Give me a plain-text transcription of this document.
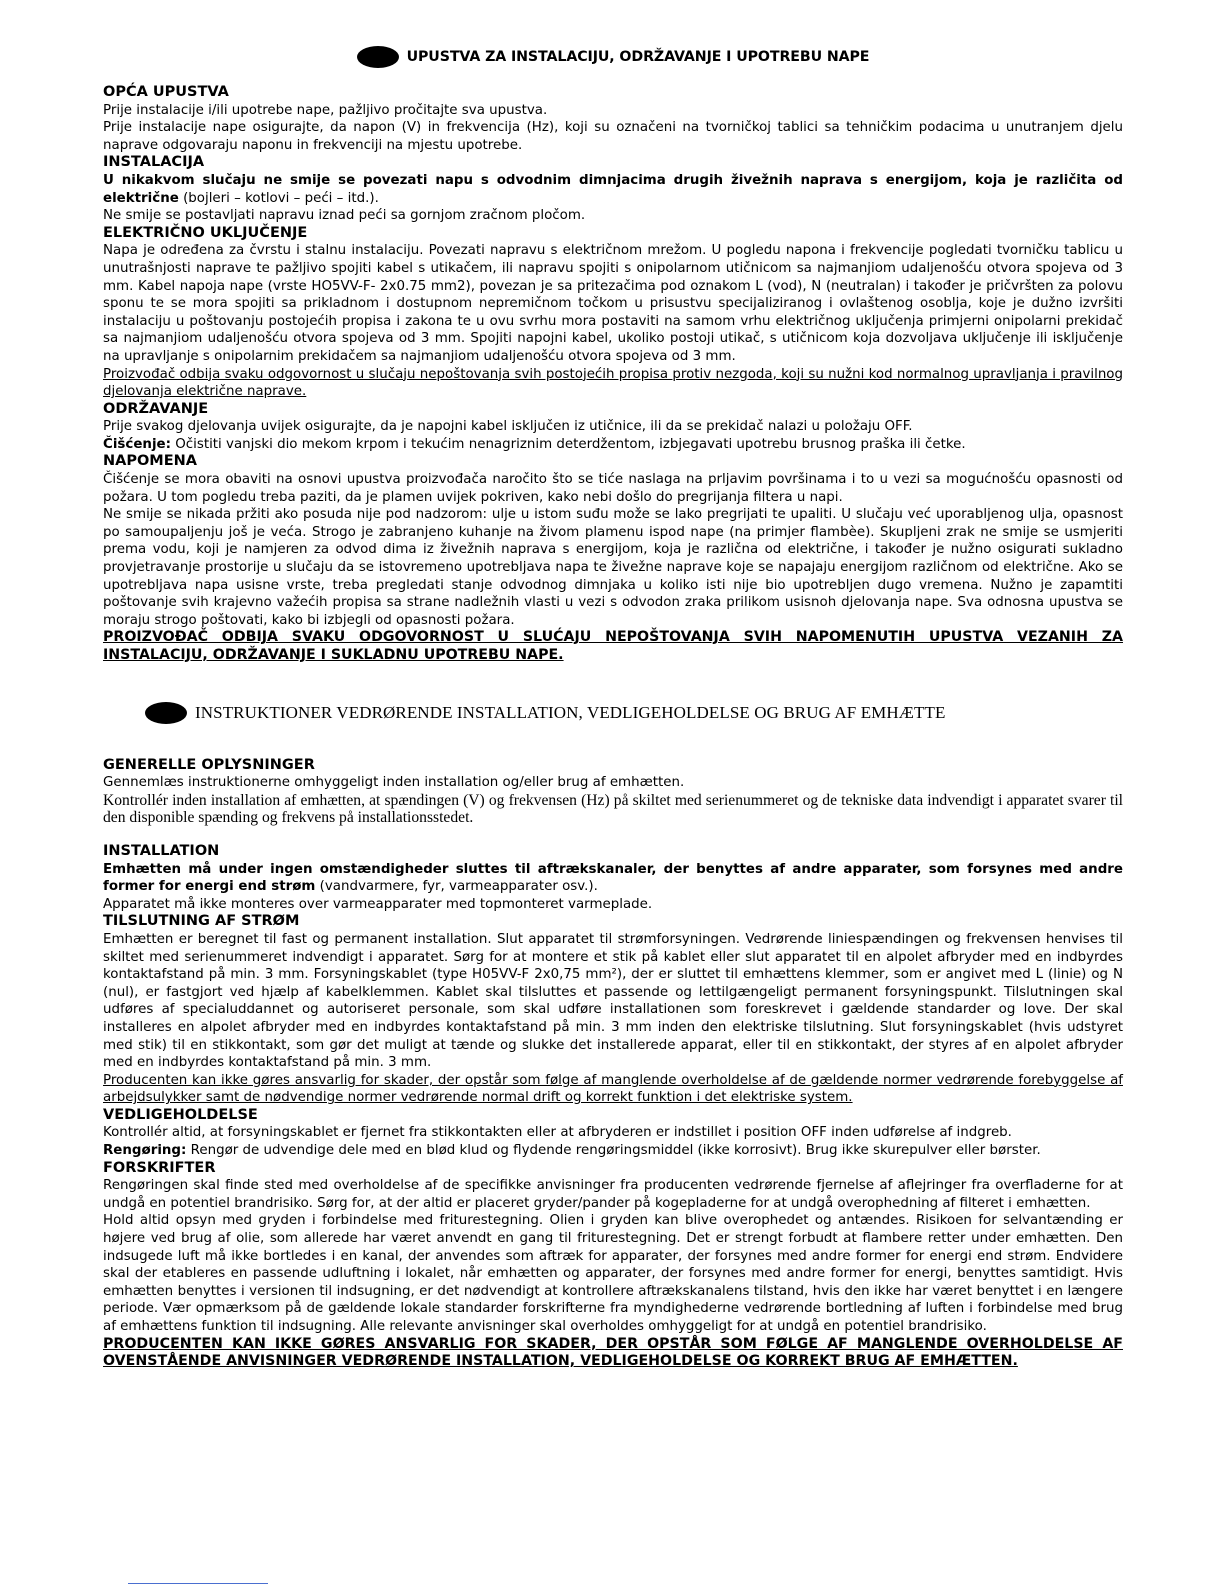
UPUSTVA ZA INSTALACIJU, ODRŽAVANJE I UPOTREBU NAPE
OPĆA UPUSTVA

Prije instalacije i/ili upotrebe nape, pažljivo pročitajte sva upustva.

Prije instalacije nape osigurajte, da napon (V) in frekvencija (Hz), koji su označeni na tvorničkoj tablici sa tehničkim podacima u unutranjem djelu naprave odgovaraju naponu in frekvenciji na mjestu upotrebe.

INSTALACIJA

U nikakvom slučaju ne smije se povezati napu s odvodnim dimnjacima drugih živežnih naprava s energijom, koja je različita od električne (bojleri – kotlovi – peći – itd.).

Ne smije se postavljati napravu iznad peći sa gornjom zračnom pločom.

ELEKTRIČNO UKLJUČENJE

Napa je određena za čvrstu i stalnu instalaciju. Povezati napravu s električnom mrežom. U pogledu napona i frekvencije pogledati tvorničku tablicu u unutrašnjosti naprave te pažljivo spojiti kabel s utikačem, ili napravu spojiti s onipolarnom utičnicom sa najmanjiom udaljenošću otvora spojeva od 3 mm. Kabel napoja nape (vrste HO5VV-F- 2x0.75 mm2), povezan je sa pritezačima pod oznakom L (vod), N (neutralan) i također je pričvršten za polovu sponu te se mora spojiti sa prikladnom i dostupnom nepremičnom točkom u prisustvu specijaliziranog i ovlaštenog osoblja, koje je dužno izvršiti instalaciju u poštovanju postojećih propisa i zakona te u ovu svrhu mora postaviti na samom vrhu električnog uključenja primjerni onipolarni prekidač sa najmanjiom udaljenošću otvora spojeva od 3 mm. Spojiti napojni kabel, ukoliko postoji utikač, s utičnicom koja dozvoljava uključenje ili isključenje na upravljanje s onipolarnim prekidačem sa najmanjiom udaljenošću otvora spojeva od 3 mm.

Proizvođač odbija svaku odgovornost u slučaju nepoštovanja svih postojećih propisa protiv nezgoda, koji su nužni kod normalnog upravljanja i pravilnog djelovanja električne naprave.

ODRŽAVANJE

Prije svakog djelovanja uvijek osigurajte, da je napojni kabel isključen iz utičnice, ili da se prekidač nalazi u položaju OFF.

Čišćenje: Očistiti vanjski dio mekom krpom i tekućim nenagriznim deterdžentom, izbjegavati upotrebu brusnog praška ili četke.

NAPOMENA

Čišćenje se mora obaviti na osnovi upustva proizvođača naročito što se tiće naslaga na prljavim površinama i to u vezi sa mogućnošću opasnosti od požara. U tom pogledu treba paziti, da je plamen uvijek pokriven, kako nebi došlo do pregrijanja filtera u napi.

Ne smije se nikada pržiti ako posuda nije pod nadzorom: ulje u istom suđu može se lako pregrijati te upaliti. U slučaju već uporabljenog ulja, opasnost po samoupaljenju još je veća. Strogo je zabranjeno kuhanje na živom plamenu ispod nape (na primjer flambèe). Skupljeni zrak ne smije se usmjeriti prema vodu, koji je namjeren za odvod dima iz živežnih naprava s energijom, koja je različna od električne, i također je nužno osigurati sukladno provjetravanje prostorije u slučaju da se istovremeno upotrebljava napa te živežne naprave koje se napajaju energijom različnom od električne. Ako se upotrebljava napa usisne vrste, treba pregledati stanje odvodnog dimnjaka u koliko isti nije bio upotrebljen dugo vremena. Nužno je zapamtiti poštovanje svih krajevno važećih propisa sa strane nadležnih vlasti u vezi s odvodon zraka prilikom usisnoh djelovanja nape. Sva odnosna upustva se moraju strogo poštovati, kako bi izbjegli od opasnosti požara.

PROIZVOĐAČ ODBIJA SVAKU ODGOVORNOST U SLUĆAJU NEPOŠTOVANJA SVIH NAPOMENUTIH UPUSTVA VEZANIH ZA INSTALACIJU, ODRŽAVANJE I SUKLADNU UPOTREBU NAPE.

INSTRUKTIONER VEDRØRENDE INSTALLATION, VEDLIGEHOLDELSE OG BRUG AF EMHÆTTE
GENERELLE OPLYSNINGER

Gennemlæs instruktionerne omhyggeligt inden installation og/eller brug af emhætten.

Kontrollér inden installation af emhætten, at spændingen (V) og frekvensen (Hz) på skiltet med serienummeret og de tekniske data indvendigt i apparatet svarer til den disponible spænding og frekvens på installationsstedet.

INSTALLATION

Emhætten må under ingen omstændigheder sluttes til aftrækskanaler, der benyttes af andre apparater, som forsynes med andre former for energi end strøm (vandvarmere, fyr, varmeapparater osv.).

Apparatet må ikke monteres over varmeapparater med topmonteret varmeplade.

TILSLUTNING AF STRØM

Emhætten er beregnet til fast og permanent installation. Slut apparatet til strømforsyningen. Vedrørende liniespændingen og frekvensen henvises til skiltet med serienummeret indvendigt i apparatet. Sørg for at montere et stik på kablet eller slut apparatet til en alpolet afbryder med en indbyrdes kontaktafstand på min. 3 mm. Forsyningskablet (type H05VV-F 2x0,75 mm²), der er sluttet til emhættens klemmer, som er angivet med L (linie) og N (nul), er fastgjort ved hjælp af kabelklemmen. Kablet skal tilsluttes et passende og lettilgængeligt permanent forsyningspunkt. Tilslutningen skal udføres af specialuddannet og autoriseret personale, som skal udføre installationen som foreskrevet i gældende standarder og love. Der skal installeres en alpolet afbryder med en indbyrdes kontaktafstand på min. 3 mm inden den elektriske tilslutning. Slut forsyningskablet (hvis udstyret med stik) til en stikkontakt, som gør det muligt at tænde og slukke det installerede apparat, eller til en stikkontakt, der styres af en alpolet afbryder med en indbyrdes kontaktafstand på min. 3 mm.

Producenten kan ikke gøres ansvarlig for skader, der opstår som følge af manglende overholdelse af de gældende normer vedrørende forebyggelse af arbejdsulykker samt de nødvendige normer vedrørende normal drift og korrekt funktion i det elektriske system.

VEDLIGEHOLDELSE

Kontrollér altid, at forsyningskablet er fjernet fra stikkontakten eller at afbryderen er indstillet i position OFF inden udførelse af indgreb.

Rengøring: Rengør de udvendige dele med en blød klud og flydende rengøringsmiddel (ikke korrosivt). Brug ikke skurepulver eller børster.

FORSKRIFTER

Rengøringen skal finde sted med overholdelse af de specifikke anvisninger fra producenten vedrørende fjernelse af aflejringer fra overfladerne for at undgå en potentiel brandrisiko. Sørg for, at der altid er placeret gryder/pander på kogepladerne for at undgå overophedning af filteret i emhætten.

Hold altid opsyn med gryden i forbindelse med friturestegning. Olien i gryden kan blive overophedet og antændes. Risikoen for selvantænding er højere ved brug af olie, som allerede har været anvendt en gang til friturestegning. Det er strengt forbudt at flambere retter under emhætten. Den indsugede luft må ikke bortledes i en kanal, der anvendes som aftræk for apparater, der forsynes med andre former for energi end strøm. Endvidere skal der etableres en passende udluftning i lokalet, når emhætten og apparater, der forsynes med andre former for energi, benyttes samtidigt. Hvis emhætten benyttes i versionen til indsugning, er det nødvendigt at kontrollere aftrækskanalens tilstand, hvis den ikke har været benyttet i en længere periode. Vær opmærksom på de gældende lokale standarder forskrifterne fra myndighederne vedrørende bortledning af luften i forbindelse med brug af emhættens funktion til indsugning. Alle relevante anvisninger skal overholdes omhyggeligt for at undgå en potentiel brandrisiko.

PRODUCENTEN KAN IKKE GØRES ANSVARLIG FOR SKADER, DER OPSTÅR SOM FØLGE AF MANGLENDE OVERHOLDELSE AF OVENSTÅENDE ANVISNINGER VEDRØRENDE INSTALLATION, VEDLIGEHOLDELSE OG KORREKT BRUG AF EMHÆTTEN.
